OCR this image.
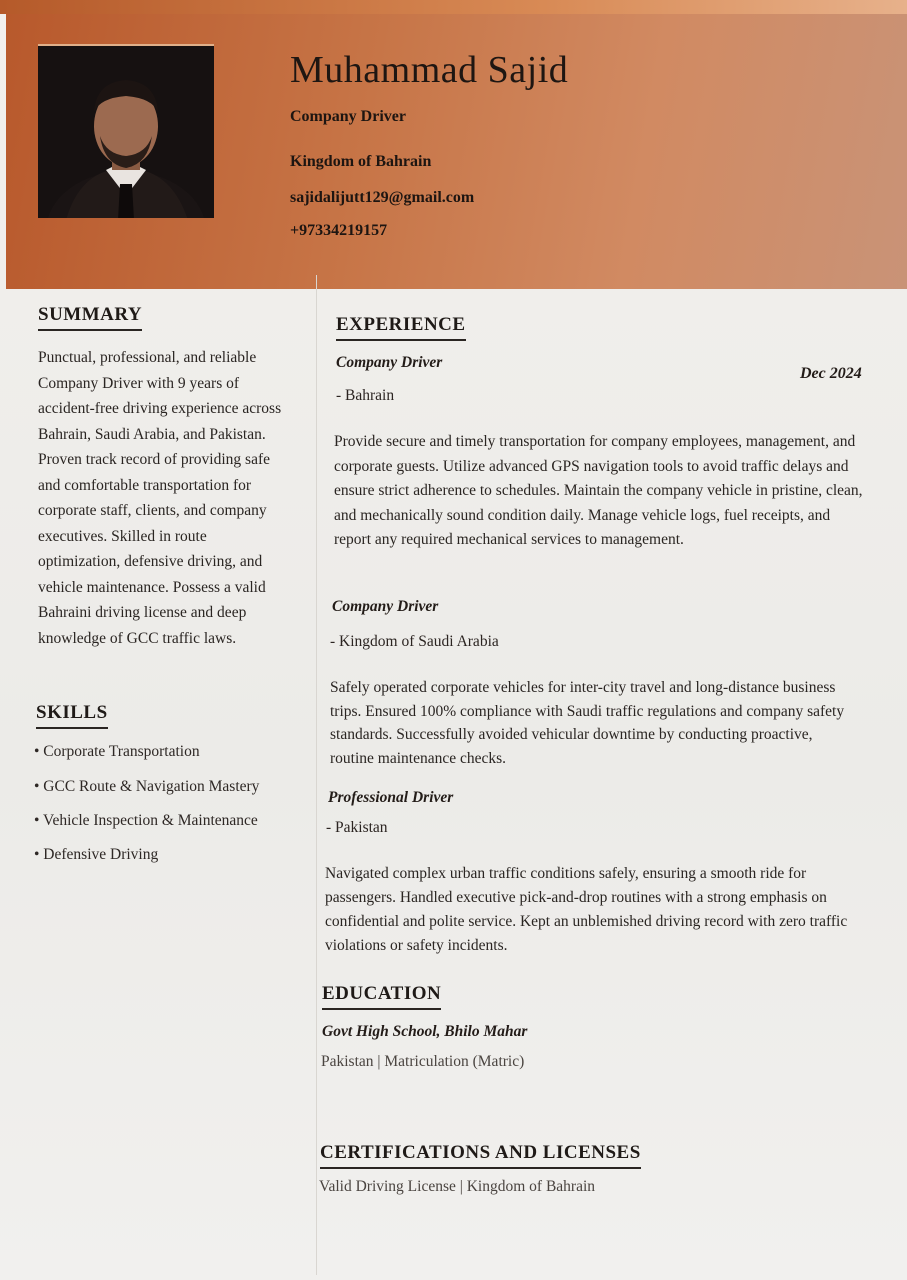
Muhammad Sajid
Company Driver
Kingdom of Bahrain
sajidalijutt129@gmail.com
+97334219157
SUMMARY
Punctual, professional, and reliable Company Driver with 9 years of accident-free driving experience across Bahrain, Saudi Arabia, and Pakistan. Proven track record of providing safe and comfortable transportation for corporate staff, clients, and company executives. Skilled in route optimization, defensive driving, and vehicle maintenance. Possess a valid Bahraini driving license and deep knowledge of GCC traffic laws.
SKILLS
• Corporate Transportation
• GCC Route & Navigation Mastery
• Vehicle Inspection & Maintenance
• Defensive Driving
EXPERIENCE
Company Driver
Dec 2024
- Bahrain
Provide secure and timely transportation for company employees, management, and corporate guests. Utilize advanced GPS navigation tools to avoid traffic delays and ensure strict adherence to schedules. Maintain the company vehicle in pristine, clean, and mechanically sound condition daily. Manage vehicle logs, fuel receipts, and report any required mechanical services to management.
Company Driver
- Kingdom of Saudi Arabia
Safely operated corporate vehicles for inter-city travel and long-distance business trips. Ensured 100% compliance with Saudi traffic regulations and company safety standards. Successfully avoided vehicular downtime by conducting proactive, routine maintenance checks.
Professional Driver
- Pakistan
Navigated complex urban traffic conditions safely, ensuring a smooth ride for passengers. Handled executive pick-and-drop routines with a strong emphasis on confidential and polite service. Kept an unblemished driving record with zero traffic violations or safety incidents.
EDUCATION
Govt High School, Bhilo Mahar
Pakistan | Matriculation (Matric)
CERTIFICATIONS AND LICENSES
Valid Driving License | Kingdom of Bahrain
